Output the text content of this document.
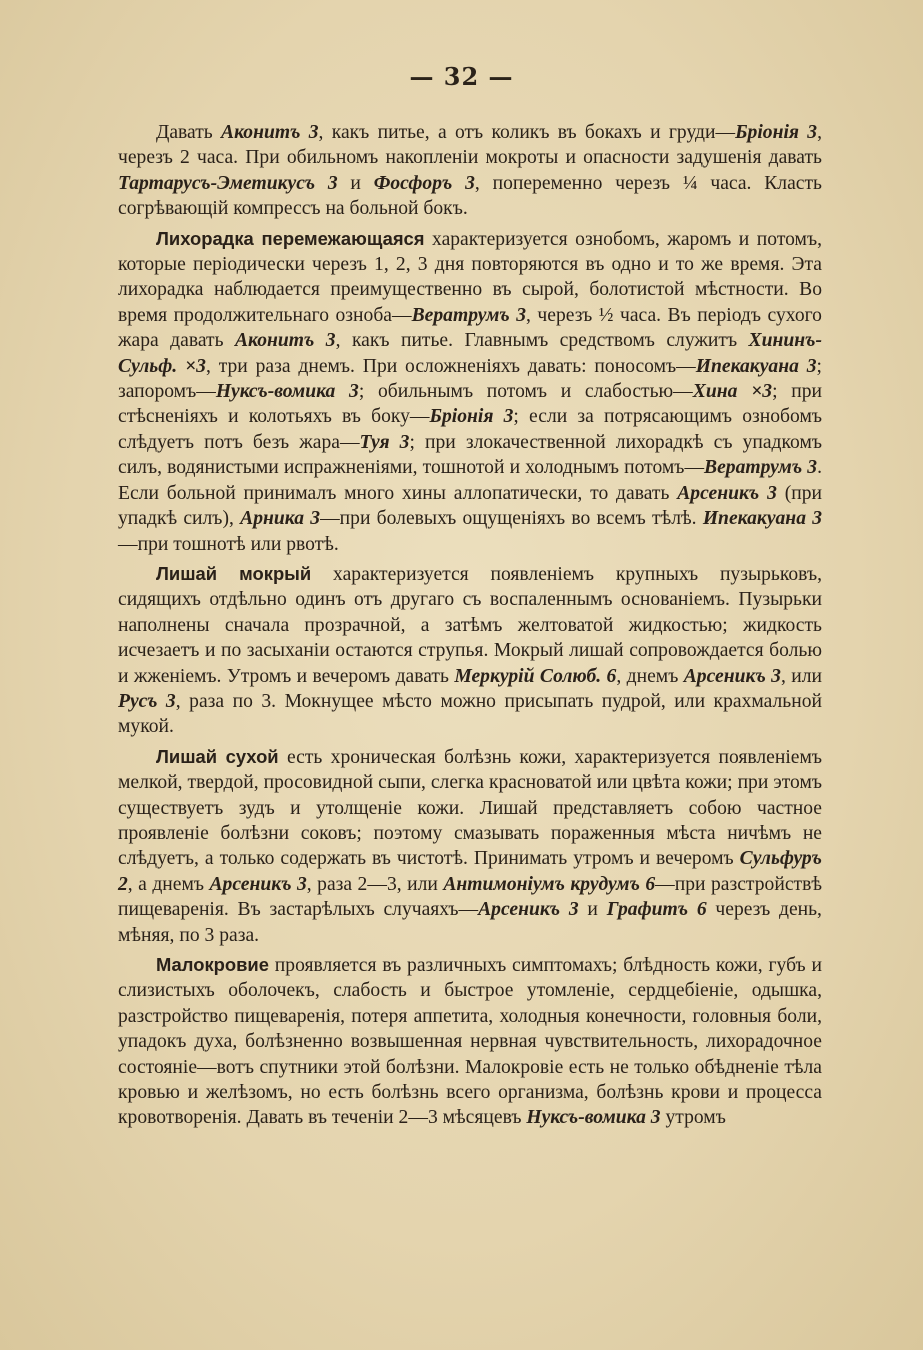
— 32 —

Давать Аконитъ 3, какъ питье, а отъ коликъ въ бокахъ и груди—Бріонія 3, черезъ 2 часа. При обильномъ накопленіи мокроты и опасности задушенія давать Тартарусъ-Эметикусъ 3 и Фосфоръ 3, попеременно черезъ ¼ часа. Класть согрѣвающій компрессъ на больной бокъ.

Лихорадка перемежающаяся характеризуется ознобомъ, жаромъ и потомъ, которые періодически черезъ 1, 2, 3 дня повторяются въ одно и то же время. Эта лихорадка наблюдается преимущественно въ сырой, болотистой мѣстности. Во время продолжительнаго озноба—Вератрумъ 3, черезъ ½ часа. Въ періодъ сухого жара давать Аконитъ 3, какъ питье. Главнымъ средствомъ служитъ Хининъ-Сульф. ×3, три раза днемъ. При осложненіяхъ давать: поносомъ—Ипекакуана 3; запоромъ—Нуксъ-вомика 3; обильнымъ потомъ и слабостью—Хина ×3; при стѣсненіяхъ и колотьяхъ въ боку—Бріонія 3; если за потрясающимъ ознобомъ слѣдуетъ потъ безъ жара—Туя 3; при злокачественной лихорадкѣ съ упадкомъ силъ, водянистыми испражненіями, тошнотой и холоднымъ потомъ—Вератрумъ 3. Если больной принималъ много хины аллопатически, то давать Арсеникъ 3 (при упадкѣ силъ), Арника 3—при болевыхъ ощущеніяхъ во всемъ тѣлѣ. Ипекакуана 3—при тошнотѣ или рвотѣ.

Лишай мокрый характеризуется появленіемъ крупныхъ пузырьковъ, сидящихъ отдѣльно одинъ отъ другаго съ воспаленнымъ основаніемъ. Пузырьки наполнены сначала прозрачной, а затѣмъ желтоватой жидкостью; жидкость исчезаетъ и по засыханіи остаются струпья. Мокрый лишай сопровождается болью и жженіемъ. Утромъ и вечеромъ давать Меркурій Солюб. 6, днемъ Арсеникъ 3, или Русъ 3, раза по 3. Мокнущее мѣсто можно присыпать пудрой, или крахмальной мукой.

Лишай сухой есть хроническая болѣзнь кожи, характеризуется появленіемъ мелкой, твердой, просовидной сыпи, слегка красноватой или цвѣта кожи; при этомъ существуетъ зудъ и утолщеніе кожи. Лишай представляетъ собою частное проявленіе болѣзни соковъ; поэтому смазывать пораженныя мѣста ничѣмъ не слѣдуетъ, а только содержать въ чистотѣ. Принимать утромъ и вечеромъ Сульфуръ 2, а днемъ Арсеникъ 3, раза 2—3, или Антимоніумъ крудумъ 6—при разстройствѣ пищеваренія. Въ застарѣлыхъ случаяхъ—Арсеникъ 3 и Графитъ 6 черезъ день, мѣняя, по 3 раза.

Малокровие проявляется въ различныхъ симптомахъ; блѣдность кожи, губъ и слизистыхъ оболочекъ, слабость и быстрое утомленіе, сердцебіеніе, одышка, разстройство пищеваренія, потеря аппетита, холодныя конечности, головныя боли, упадокъ духа, болѣзненно возвышенная нервная чувствительность, лихорадочное состояніе—вотъ спутники этой болѣзни. Малокровіе есть не только обѣдненіе тѣла кровью и желѣзомъ, но есть болѣзнь всего организма, болѣзнь крови и процесса кровотворенія. Давать въ теченіи 2—3 мѣсяцевъ Нуксъ-вомика 3 утромъ
